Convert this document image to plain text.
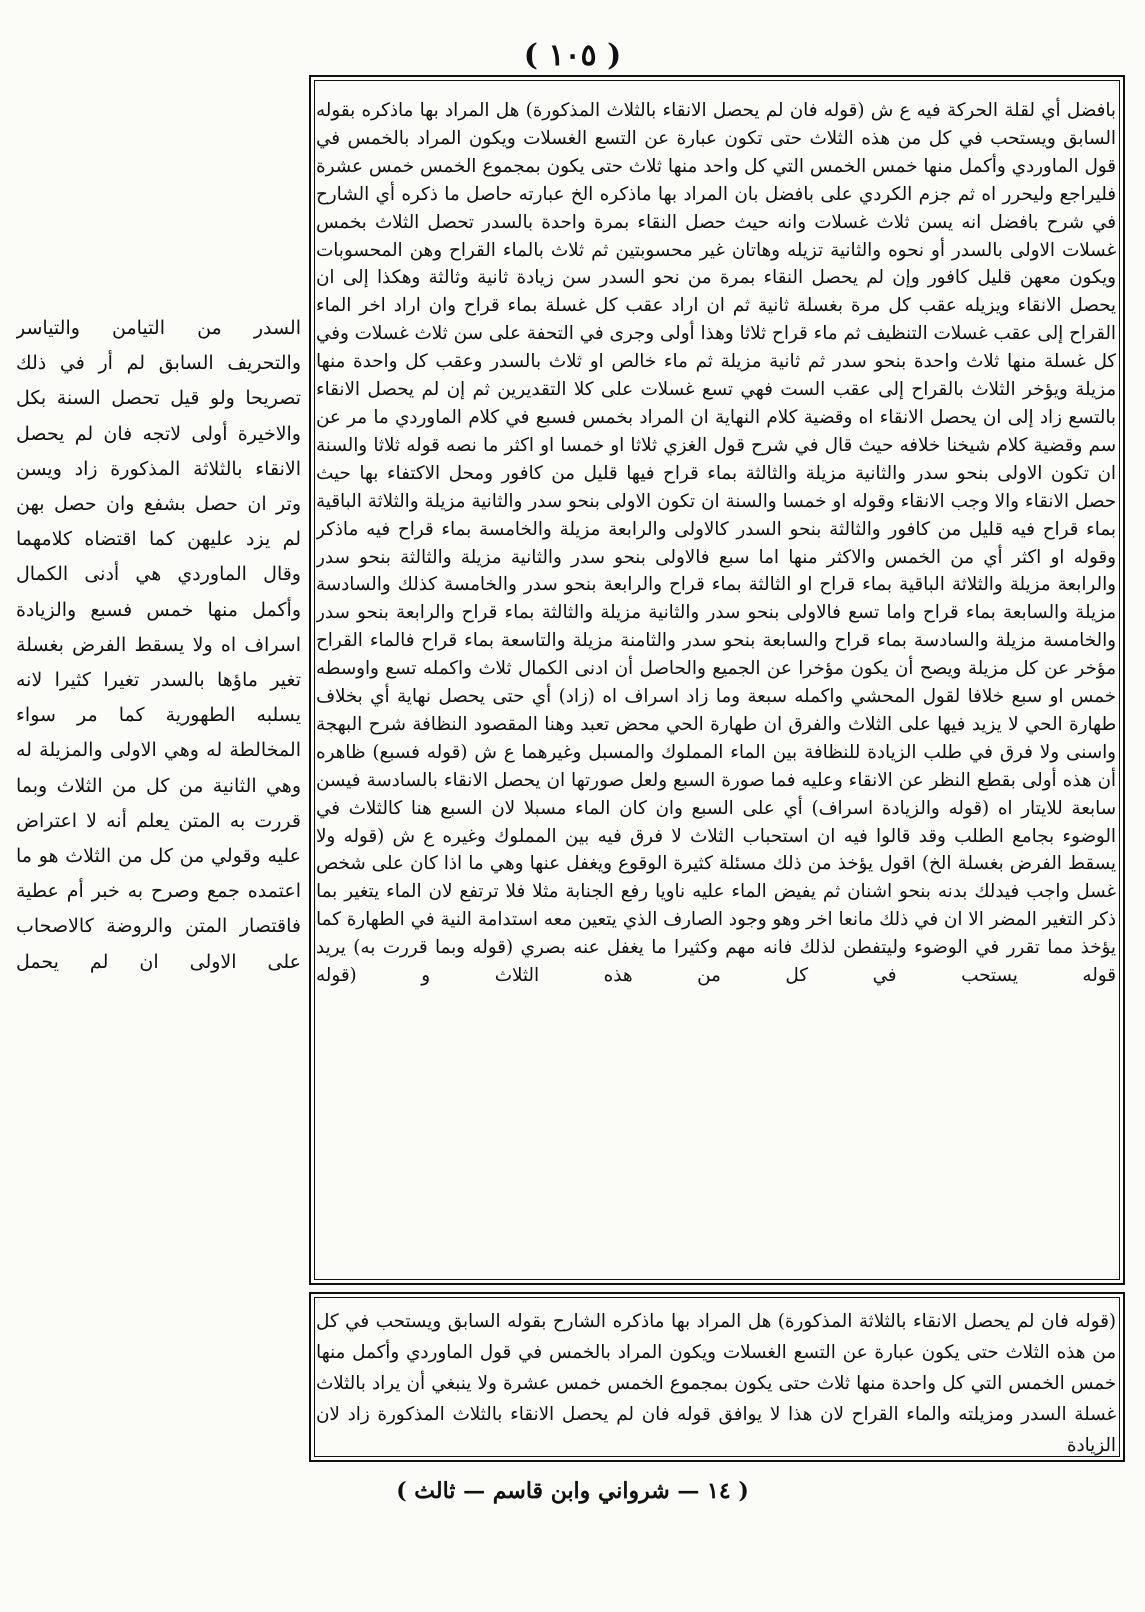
( ١٠٥ )

بافضل أي لقلة الحركة فيه ع ش (قوله فان لم يحصل الانقاء بالثلاث المذكورة) هل المراد بها ماذكره بقوله السابق ويستحب في كل من هذه الثلاث حتى تكون عبارة عن التسع الغسلات ويكون المراد بالخمس في قول الماوردي وأكمل منها خمس الخمس التي كل واحد منها ثلاث حتى يكون بمجموع الخمس خمس عشرة فليراجع وليحرر اه ثم جزم الكردي على بافضل بان المراد بها ماذكره الخ عبارته حاصل ما ذكره أي الشارح في شرح بافضل انه يسن ثلاث غسلات وانه حيث حصل النقاء بمرة واحدة بالسدر تحصل الثلاث بخمس غسلات الاولى بالسدر أو نحوه والثانية تزيله وهاتان غير محسوبتين ثم ثلاث بالماء القراح وهن المحسوبات ويكون معهن قليل كافور وإن لم يحصل النقاء بمرة من نحو السدر سن زيادة ثانية وثالثة وهكذا إلى ان يحصل الانقاء ويزيله عقب كل مرة بغسلة ثانية ثم ان اراد عقب كل غسلة بماء قراح وان اراد اخر الماء القراح إلى عقب غسلات التنظيف ثم ماء قراح ثلاثا وهذا أولى وجرى في التحفة على سن ثلاث غسلات وفي كل غسلة منها ثلاث واحدة بنحو سدر ثم ثانية مزيلة ثم ماء خالص او ثلاث بالسدر وعقب كل واحدة منها مزيلة ويؤخر الثلاث بالقراح إلى عقب الست فهي تسع غسلات على كلا التقديرين ثم إن لم يحصل الانقاء بالتسع زاد إلى ان يحصل الانقاء اه وقضية كلام النهاية ان المراد بخمس فسبع في كلام الماوردي ما مر عن سم وقضية كلام شيخنا خلافه حيث قال في شرح قول الغزي ثلاثا او خمسا او اكثر ما نصه قوله ثلاثا والسنة ان تكون الاولى بنحو سدر والثانية مزيلة والثالثة بماء قراح فيها قليل من كافور ومحل الاكتفاء بها حيث حصل الانقاء والا وجب الانقاء وقوله او خمسا والسنة ان تكون الاولى بنحو سدر والثانية مزيلة والثلاثة الباقية بماء قراح فيه قليل من كافور والثالثة بنحو السدر كالاولى والرابعة مزيلة والخامسة بماء قراح فيه ماذكر وقوله او اكثر أي من الخمس والاكثر منها اما سبع فالاولى بنحو سدر والثانية مزيلة والثالثة بنحو سدر والرابعة مزيلة والثلاثة الباقية بماء قراح او الثالثة بماء قراح والرابعة بنحو سدر والخامسة كذلك والسادسة مزيلة والسابعة بماء قراح واما تسع فالاولى بنحو سدر والثانية مزيلة والثالثة بماء قراح والرابعة بنحو سدر والخامسة مزيلة والسادسة بماء قراح والسابعة بنحو سدر والثامنة مزيلة والتاسعة بماء قراح فالماء القراح مؤخر عن كل مزيلة ويصح أن يكون مؤخرا عن الجميع والحاصل أن ادنى الكمال ثلاث واكمله تسع واوسطه خمس او سبع خلافا لقول المحشي واكمله سبعة وما زاد اسراف اه (زاد) أي حتى يحصل نهاية أي بخلاف طهارة الحي لا يزيد فيها على الثلاث والفرق ان طهارة الحي محض تعبد وهنا المقصود النظافة شرح البهجة واسنى ولا فرق في طلب الزيادة للنظافة بين الماء المملوك والمسبل وغيرهما ع ش (قوله فسبع) ظاهره أن هذه أولى بقطع النظر عن الانقاء وعليه فما صورة السبع ولعل صورتها ان يحصل الانقاء بالسادسة فيسن سابعة للايتار اه (قوله والزيادة اسراف) أي على السبع وان كان الماء مسبلا لان السبع هنا كالثلاث في الوضوء بجامع الطلب وقد قالوا فيه ان استحباب الثلاث لا فرق فيه بين المملوك وغيره ع ش (قوله ولا يسقط الفرض بغسلة الخ) اقول يؤخذ من ذلك مسئلة كثيرة الوقوع ويغفل عنها وهي ما اذا كان على شخص غسل واجب فيدلك بدنه بنحو اشنان ثم يفيض الماء عليه ناويا رفع الجنابة مثلا فلا ترتفع لان الماء يتغير بما ذكر التغير المضر الا ان في ذلك مانعا اخر وهو وجود الصارف الذي يتعين معه استدامة النية في الطهارة كما يؤخذ مما تقرر في الوضوء وليتفطن لذلك فانه مهم وكثيرا ما يغفل عنه بصري (قوله وبما قررت به) يريد قوله يستحب في كل من هذه الثلاث و (قوله

السدر من التيامن والتياسر والتحريف السابق لم أر في ذلك تصريحا ولو قيل تحصل السنة بكل والاخيرة أولى لاتجه فان لم يحصل الانقاء بالثلاثة المذكورة زاد ويسن وتر ان حصل بشفع وان حصل بهن لم يزد عليهن كما اقتضاه كلامهما وقال الماوردي هي أدنى الكمال وأكمل منها خمس فسبع والزيادة اسراف اه ولا يسقط الفرض بغسلة تغير ماؤها بالسدر تغيرا كثيرا لانه يسلبه الطهورية كما مر سواء المخالطة له وهي الاولى والمزيلة له وهي الثانية من كل من الثلاث وبما قررت به المتن يعلم أنه لا اعتراض عليه وقولي من كل من الثلاث هو ما اعتمده جمع وصرح به خبر أم عطية فاقتصار المتن والروضة كالاصحاب على الاولى ان لم يحمل

(قوله فان لم يحصل الانقاء بالثلاثة المذكورة) هل المراد بها ماذكره الشارح بقوله السابق ويستحب في كل من هذه الثلاث حتى يكون عبارة عن التسع الغسلات ويكون المراد بالخمس في قول الماوردي وأكمل منها خمس الخمس التي كل واحدة منها ثلاث حتى يكون بمجموع الخمس خمس عشرة ولا ينبغي أن يراد بالثلاث غسلة السدر ومزيلته والماء القراح لان هذا لا يوافق قوله فان لم يحصل الانقاء بالثلاث المذكورة زاد لان الزيادة

( ١٤ — شرواني وابن قاسم — ثالث )
